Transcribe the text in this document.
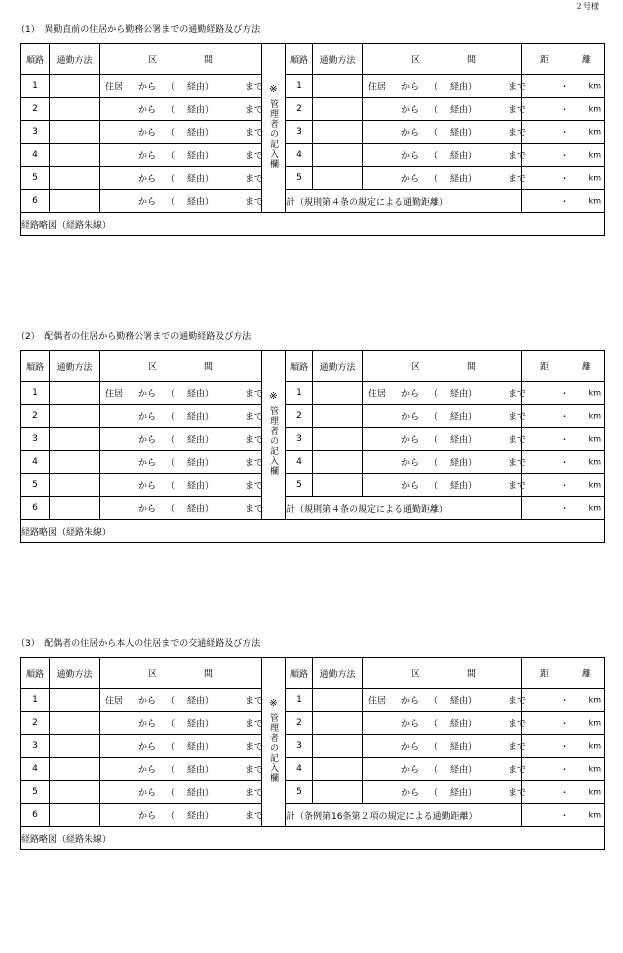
２号様
（1）　異動直前の住居から勤務公署までの通勤経路及び方法
順路	通勤方法	区 間	※
管理者の記入欄	順路	通勤方法	区 間	距 離

1		住居 から （ 経由） まで		1		住居 から （ 経由） まで	・ km

2		から （ 経由） まで		2		から （ 経由） まで	・ km

3		から （ 経由） まで		3		から （ 経由） まで	・ km

4		から （ 経由） まで		4		から （ 経由） まで	・ km

5		から （ 経由） まで		5		から （ 経由） まで	・ km

6		から （ 経由） まで		計（規則第４条の規定による通勤距離）			・ km

経路略図（経路朱線）							
（2）　配偶者の住居から勤務公署までの通勤経路及び方法
順路	通勤方法	区 間	※
管理者の記入欄	順路	通勤方法	区 間	距 離

1		住居 から （ 経由） まで		1		住居 から （ 経由） まで	・ km

2		から （ 経由） まで		2		から （ 経由） まで	・ km

3		から （ 経由） まで		3		から （ 経由） まで	・ km

4		から （ 経由） まで		4		から （ 経由） まで	・ km

5		から （ 経由） まで		5		から （ 経由） まで	・ km

6		から （ 経由） まで		計（規則第４条の規定による通勤距離）			・ km

経路略図（経路朱線）							
（3）　配偶者の住居から本人の住居までの交通経路及び方法
順路	通勤方法	区 間	※
管理者の記入欄	順路	通勤方法	区 間	距 離

1		住居 から （ 経由） まで		1		住居 から （ 経由） まで	・ km

2		から （ 経由） まで		2		から （ 経由） まで	・ km

3		から （ 経由） まで		3		から （ 経由） まで	・ km

4		から （ 経由） まで		4		から （ 経由） まで	・ km

5		から （ 経由） まで		5		から （ 経由） まで	・ km

6		から （ 経由） まで		計（条例第16条第２項の規定による通勤距離）			・ km

経路略図（経路朱線）							
